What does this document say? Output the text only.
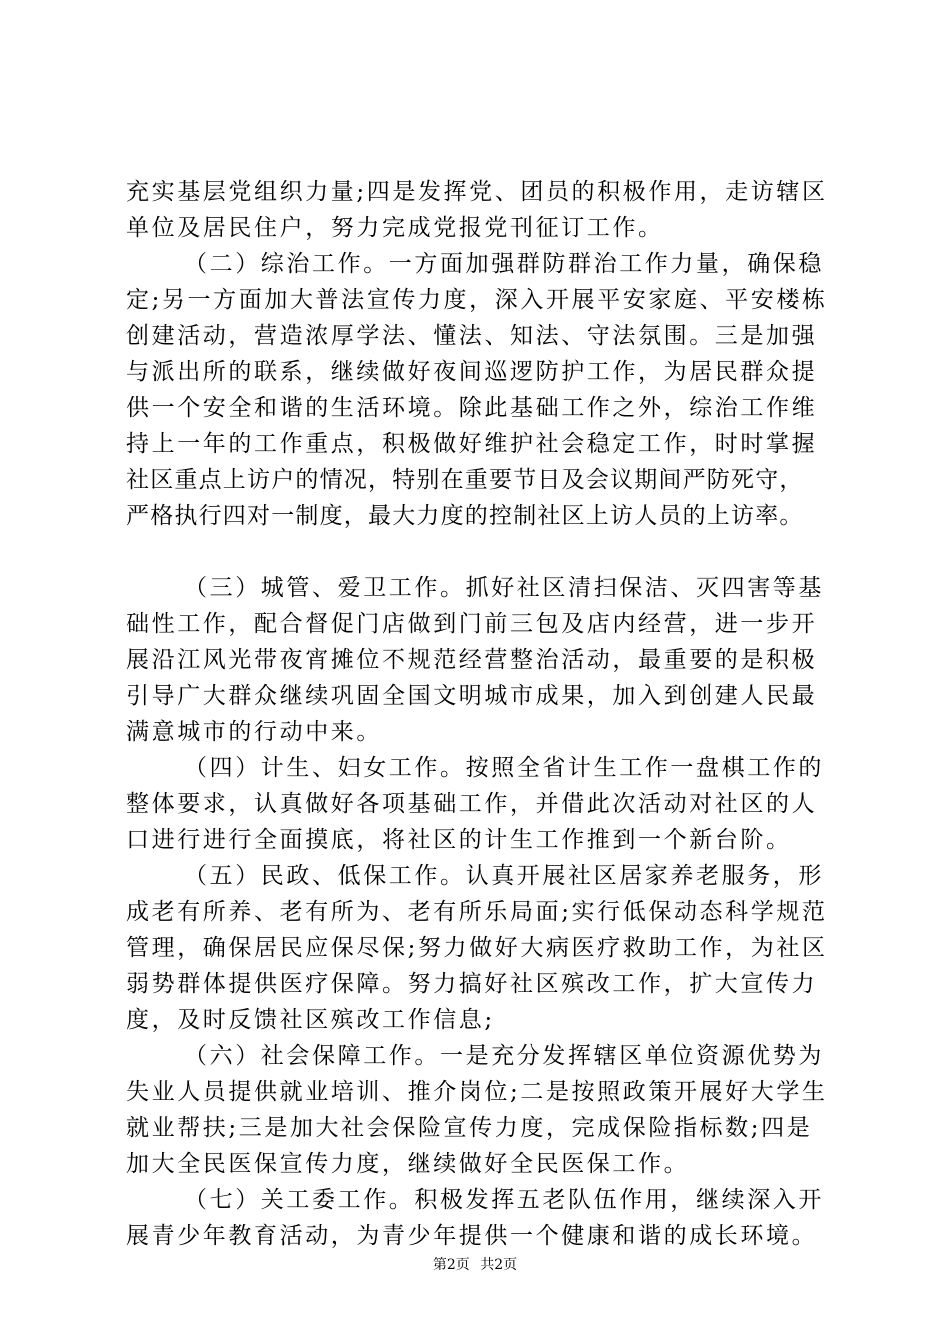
充实基层党组织力量;四是发挥党、团员的积极作用，走访辖区
单位及居民住户，努力完成党报党刊征订工作。
（二）综治工作。一方面加强群防群治工作力量，确保稳
定;另一方面加大普法宣传力度，深入开展平安家庭、平安楼栋
创建活动，营造浓厚学法、懂法、知法、守法氛围。三是加强
与派出所的联系，继续做好夜间巡逻防护工作，为居民群众提
供一个安全和谐的生活环境。除此基础工作之外，综治工作维
持上一年的工作重点，积极做好维护社会稳定工作，时时掌握
社区重点上访户的情况，特别在重要节日及会议期间严防死守，
严格执行四对一制度，最大力度的控制社区上访人员的上访率。
（三）城管、爱卫工作。抓好社区清扫保洁、灭四害等基
础性工作，配合督促门店做到门前三包及店内经营，进一步开
展沿江风光带夜宵摊位不规范经营整治活动，最重要的是积极
引导广大群众继续巩固全国文明城市成果，加入到创建人民最
满意城市的行动中来。
（四）计生、妇女工作。按照全省计生工作一盘棋工作的
整体要求，认真做好各项基础工作，并借此次活动对社区的人
口进行进行全面摸底，将社区的计生工作推到一个新台阶。
（五）民政、低保工作。认真开展社区居家养老服务，形
成老有所养、老有所为、老有所乐局面;实行低保动态科学规范
管理，确保居民应保尽保;努力做好大病医疗救助工作，为社区
弱势群体提供医疗保障。努力搞好社区殡改工作，扩大宣传力
度，及时反馈社区殡改工作信息;
（六）社会保障工作。一是充分发挥辖区单位资源优势为
失业人员提供就业培训、推介岗位;二是按照政策开展好大学生
就业帮扶;三是加大社会保险宣传力度，完成保险指标数;四是
加大全民医保宣传力度，继续做好全民医保工作。
（七）关工委工作。积极发挥五老队伍作用，继续深入开
展青少年教育活动，为青少年提供一个健康和谐的成长环境。
第2页 共2页
